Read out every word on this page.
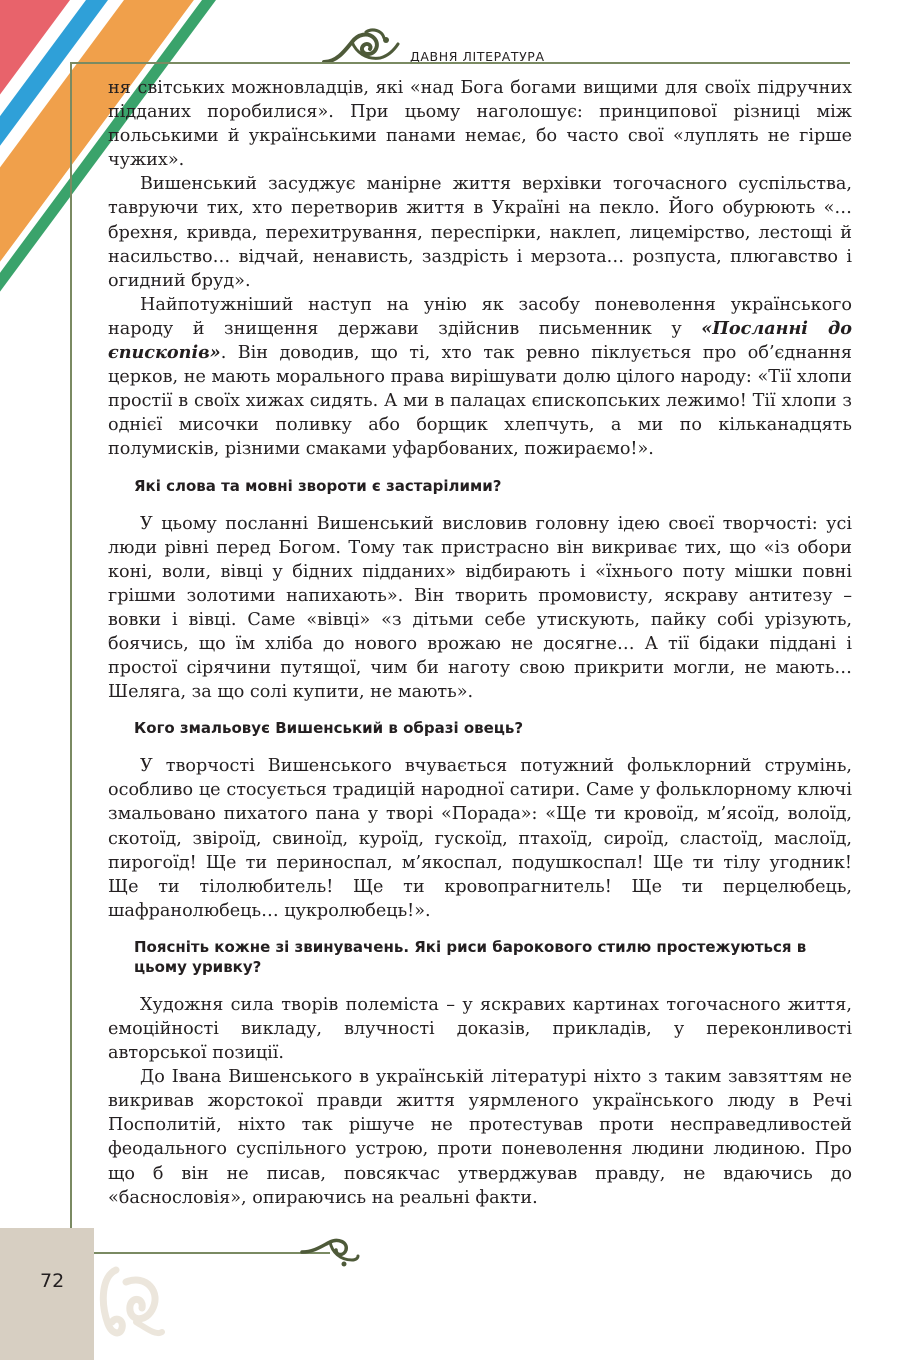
ДАВНЯ ЛІТЕРАТУРА
72

ня світських можновладців, які «над Бога богами вищими для своїх підручних підданих поробилися». При цьому наголошує: принципової різниці між польськими й українськими панами немає, бо часто свої «луплять не гірше чужих».

Вишенський засуджує манірне життя верхівки тогочасного суспільства, тавруючи тих, хто перетворив життя в Україні на пекло. Його обурюють «…брехня, кривда, перехитрування, переспірки, наклеп, лицемірство, лестощі й насильство… відчай, ненависть, заздрість і мерзота… розпуста, плюгавство і огидний бруд».

Найпотужніший наступ на унію як засобу поневолення українського народу й знищення держави здійснив письменник у «Посланні до єпископів». Він доводив, що ті, хто так ревно піклується про об’єднання церков, не мають морального права вирішувати долю цілого народу: «Тії хлопи простії в своїх хижах сидять. А ми в палацах єпископських лежимо! Тії хлопи з однієї мисочки поливку або борщик хлепчуть, а ми по кільканадцять полумисків, різними смаками уфарбованих, пожираємо!».

Які слова та мовні звороти є застарілими?

У цьому посланні Вишенський висловив головну ідею своєї творчості: усі люди рівні перед Богом. Тому так пристрасно він викриває тих, що «із обори коні, воли, вівці у бідних підданих» відбирають і «їхнього поту мішки повні грішми золотими напихають». Він творить промовисту, яскраву антитезу – вовки і вівці. Саме «вівці» «з дітьми себе утискують, пайку собі урізують, боячись, що їм хліба до нового врожаю не досягне… А тії бідаки піддані і простої сірячини путящої, чим би наготу свою прикрити могли, не мають… Шеляга, за що солі купити, не мають».

Кого змальовує Вишенський в образі овець?

У творчості Вишенського вчувається потужний фольклорний струмінь, особливо це стосується традицій народної сатири. Саме у фольклорному ключі змальовано пихатого пана у творі «Порада»: «Ще ти кровоїд, м’ясоїд, волоїд, скотоїд, звіроїд, свиноїд, куроїд, гускоїд, птахоїд, сироїд, сластоїд, маслоїд, пирогоїд! Ще ти периноспал, м’якоспал, подушкоспал! Ще ти тілу угодник! Ще ти тілолюбитель! Ще ти кровопрагнитель! Ще ти перцелюбець, шафранолюбець… цукролюбець!».

Поясніть кожне зі звинувачень. Які риси барокового стилю простежуються в цьому уривку?

Художня сила творів полеміста – у яскравих картинах тогочасного життя, емоційності викладу, влучності доказів, прикладів, у переконливості авторської позиції.

До Івана Вишенського в українській літературі ніхто з таким завзяттям не викривав жорстокої правди життя уярмленого українського люду в Речі Посполитій, ніхто так рішуче не протестував проти несправедливостей феодального суспільного устрою, проти поневолення людини людиною. Про що б він не писав, повсякчас утверджував правду, не вдаючись до «баснословія», опираючись на реальні факти.
